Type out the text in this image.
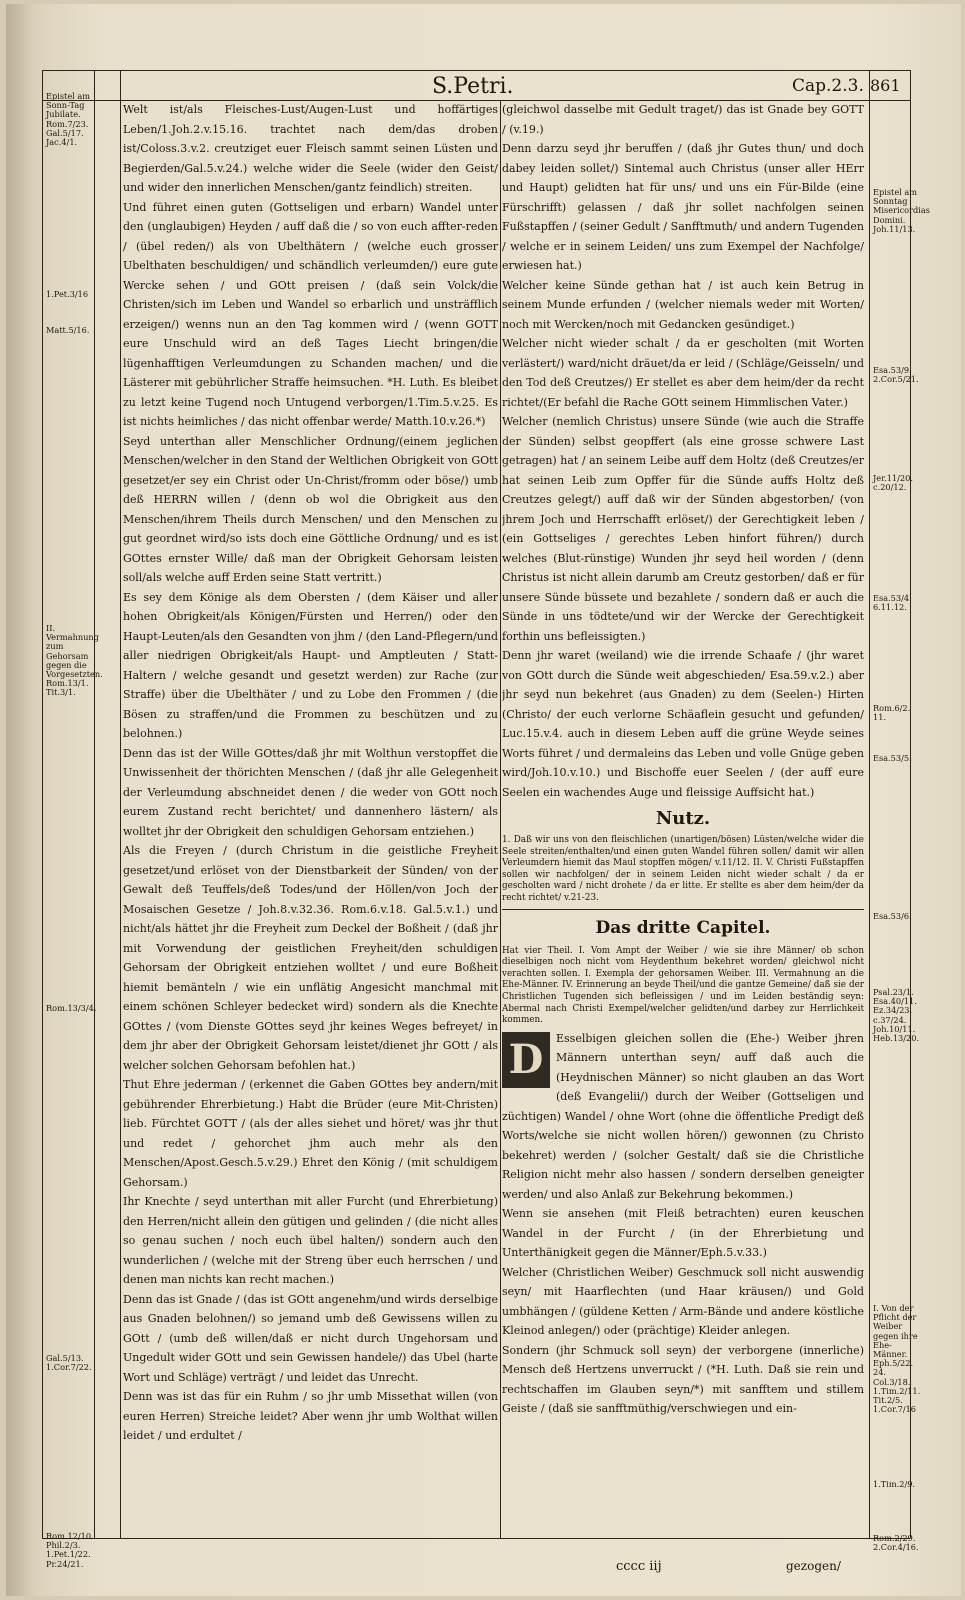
S.Petri.	Cap.2.3. 861
Epistel am Sonn-Tag Jubilate. Rom.7/23. Gal.5/17. Jac.4/1.
1.Pet.3/16
Matt.5/16.
II. Vermahnung zum Gehorsam gegen die Vorgesetzten. Rom.13/1. Tit.3/1.
Rom.13/3/4.
Gal.5/13. 1.Cor.7/22.
Rom.12/10. Phil.2/3. 1.Pet.1/22. Pr.24/21.
Epistel am Sonntag Misericordias Domini. Joh.11/13.
Esa.53/9. 2.Cor.5/21.
Jer.11/20. c.20/12.
Esa.53/4. 6.11.12.
Rom.6/2. 11.
Esa.53/5.
Esa.53/6.
Psal.23/1. Esa.40/11. Ez.34/23. c.37/24. Joh.10/11. Heb.13/20.
I. Von der Pflicht der Weiber gegen ihre Ehe-Männer. Eph.5/22. 24. Col.3/18. 1.Tim.2/11. Tit.2/5. 1.Cor.7/16
1.Tim.2/9.
Rom.2/29. 2.Cor.4/16.

Welt ist/als Fleisches-Lust/Augen-Lust und hoffärtiges Leben/1.Joh.2.v.15.16. trachtet nach dem/das droben ist/Coloss.3.v.2. creutziget euer Fleisch sammt seinen Lüsten und Begierden/Gal.5.v.24.) welche wider die Seele (wider den Geist/ und wider den innerlichen Menschen/gantz feindlich) streiten.

Und führet einen guten (Gottseligen und erbarn) Wandel unter den (unglaubigen) Heyden / auff daß die / so von euch affter-reden / (übel reden/) als von Ubelthätern / (welche euch grosser Ubelthaten beschuldigen/ und schändlich verleumden/) eure gute Wercke sehen / und GOtt preisen / (daß sein Volck/die Christen/sich im Leben und Wandel so erbarlich und unsträfflich erzeigen/) wenns nun an den Tag kommen wird / (wenn GOTT eure Unschuld wird an deß Tages Liecht bringen/die lügenhafftigen Verleumdungen zu Schanden machen/ und die Lästerer mit gebührlicher Straffe heimsuchen. *H. Luth. Es bleibet zu letzt keine Tugend noch Untugend verborgen/1.Tim.5.v.25. Es ist nichts heimliches / das nicht offenbar werde/ Matth.10.v.26.*)

Seyd unterthan aller Menschlicher Ordnung/(einem jeglichen Menschen/welcher in den Stand der Weltlichen Obrigkeit von GOtt gesetzet/er sey ein Christ oder Un-Christ/fromm oder böse/) umb deß HERRN willen / (denn ob wol die Obrigkeit aus den Menschen/ihrem Theils durch Menschen/ und den Menschen zu gut geordnet wird/so ists doch eine Göttliche Ordnung/ und es ist GOttes ernster Wille/ daß man der Obrigkeit Gehorsam leisten soll/als welche auff Erden seine Statt vertritt.)

Es sey dem Könige als dem Obersten / (dem Käiser und aller hohen Obrigkeit/als Königen/Fürsten und Herren/) oder den Haupt-Leuten/als den Gesandten von jhm / (den Land-Pflegern/und aller niedrigen Obrigkeit/als Haupt- und Amptleuten / Statt-Haltern / welche gesandt und gesetzt werden) zur Rache (zur Straffe) über die Ubelthäter / und zu Lobe den Frommen / (die Bösen zu straffen/und die Frommen zu beschützen und zu belohnen.)

Denn das ist der Wille GOttes/daß jhr mit Wolthun verstopffet die Unwissenheit der thörichten Menschen / (daß jhr alle Gelegenheit der Verleumdung abschneidet denen / die weder von GOtt noch eurem Zustand recht berichtet/ und dannenhero lästern/ als wolltet jhr der Obrigkeit den schuldigen Gehorsam entziehen.)

Als die Freyen / (durch Christum in die geistliche Freyheit gesetzet/und erlöset von der Dienstbarkeit der Sünden/ von der Gewalt deß Teuffels/deß Todes/und der Höllen/von Joch der Mosaischen Gesetze / Joh.8.v.32.36. Rom.6.v.18. Gal.5.v.1.) und nicht/als hättet jhr die Freyheit zum Deckel der Boßheit / (daß jhr mit Vorwendung der geistlichen Freyheit/den schuldigen Gehorsam der Obrigkeit entziehen wolltet / und eure Boßheit hiemit bemänteln / wie ein unflätig Angesicht manchmal mit einem schönen Schleyer bedecket wird) sondern als die Knechte GOttes / (vom Dienste GOttes seyd jhr keines Weges befreyet/ in dem jhr aber der Obrigkeit Gehorsam leistet/dienet jhr GOtt / als welcher solchen Gehorsam befohlen hat.)

Thut Ehre jederman / (erkennet die Gaben GOttes bey andern/mit gebührender Ehrerbietung.) Habt die Brüder (eure Mit-Christen) lieb. Fürchtet GOTT / (als der alles siehet und höret/ was jhr thut und redet / gehorchet jhm auch mehr als den Menschen/Apost.Gesch.5.v.29.) Ehret den König / (mit schuldigem Gehorsam.)

Ihr Knechte / seyd unterthan mit aller Furcht (und Ehrerbietung) den Herren/nicht allein den gütigen und gelinden / (die nicht alles so genau suchen / noch euch übel halten/) sondern auch den wunderlichen / (welche mit der Streng über euch herrschen / und denen man nichts kan recht machen.)

Denn das ist Gnade / (das ist GOtt angenehm/und wirds derselbige aus Gnaden belohnen/) so jemand umb deß Gewissens willen zu GOtt / (umb deß willen/daß er nicht durch Ungehorsam und Ungedult wider GOtt und sein Gewissen handele/) das Ubel (harte Wort und Schläge) verträgt / und leidet das Unrecht.

Denn was ist das für ein Ruhm / so jhr umb Missethat willen (von euren Herren) Streiche leidet? Aber wenn jhr umb Wolthat willen leidet / und erdultet /

(gleichwol dasselbe mit Gedult traget/) das ist Gnade bey GOTT / (v.19.)

Denn darzu seyd jhr beruffen / (daß jhr Gutes thun/ und doch dabey leiden sollet/) Sintemal auch Christus (unser aller HErr und Haupt) gelidten hat für uns/ und uns ein Für-Bilde (eine Fürschrifft) gelassen / daß jhr sollet nachfolgen seinen Fußstapffen / (seiner Gedult / Sanfftmuth/ und andern Tugenden / welche er in seinem Leiden/ uns zum Exempel der Nachfolge/ erwiesen hat.)

Welcher keine Sünde gethan hat / ist auch kein Betrug in seinem Munde erfunden / (welcher niemals weder mit Worten/ noch mit Wercken/noch mit Gedancken gesündiget.)

Welcher nicht wieder schalt / da er gescholten (mit Worten verlästert/) ward/nicht dräuet/da er leid / (Schläge/Geisseln/ und den Tod deß Creutzes/) Er stellet es aber dem heim/der da recht richtet/(Er befahl die Rache GOtt seinem Himmlischen Vater.)

Welcher (nemlich Christus) unsere Sünde (wie auch die Straffe der Sünden) selbst geopffert (als eine grosse schwere Last getragen) hat / an seinem Leibe auff dem Holtz (deß Creutzes/er hat seinen Leib zum Opffer für die Sünde auffs Holtz deß Creutzes gelegt/) auff daß wir der Sünden abgestorben/ (von jhrem Joch und Herrschafft erlöset/) der Gerechtigkeit leben / (ein Gottseliges / gerechtes Leben hinfort führen/) durch welches (Blut-rünstige) Wunden jhr seyd heil worden / (denn Christus ist nicht allein darumb am Creutz gestorben/ daß er für unsere Sünde büssete und bezahlete / sondern daß er auch die Sünde in uns tödtete/und wir der Wercke der Gerechtigkeit forthin uns befleissigten.)

Denn jhr waret (weiland) wie die irrende Schaafe / (jhr waret von GOtt durch die Sünde weit abgeschieden/ Esa.59.v.2.) aber jhr seyd nun bekehret (aus Gnaden) zu dem (Seelen-) Hirten (Christo/ der euch verlorne Schäaflein gesucht und gefunden/ Luc.15.v.4. auch in diesem Leben auff die grüne Weyde seines Worts führet / und dermaleins das Leben und volle Gnüge geben wird/Joh.10.v.10.) und Bischoffe euer Seelen / (der auff eure Seelen ein wachendes Auge und fleissige Auffsicht hat.)

Nutz.
1. Daß wir uns von den fleischlichen (unartigen/bösen) Lüsten/welche wider die Seele streiten/enthalten/und einen guten Wandel führen sollen/ damit wir allen Verleumdern hiemit das Maul stopffen mögen/ v.11/12. II. V. Christi Fußstapffen sollen wir nachfolgen/ der in seinem Leiden nicht wieder schalt / da er gescholten ward / nicht drohete / da er litte. Er stellte es aber dem heim/der da recht richtet/ v.21-23.
Das dritte Capitel.
Hat vier Theil. I. Vom Ampt der Weiber / wie sie ihre Männer/ ob schon dieselbigen noch nicht vom Heydenthum bekehret worden/ gleichwol nicht verachten sollen. I. Exempla der gehorsamen Weiber. III. Vermahnung an die Ehe-Männer. IV. Erinnerung an beyde Theil/und die gantze Gemeine/ daß sie der Christlichen Tugenden sich befleissigen / und im Leiden beständig seyn: Abermal nach Christi Exempel/welcher gelidten/und darbey zur Herrlichkeit kommen.

D	Esselbigen gleichen sollen die (Ehe-) Weiber jhren Männern unterthan seyn/ auff daß auch die (Heydnischen Männer) so nicht glauben an das Wort (deß Evangelii/) durch der Weiber (Gottseligen und züchtigen) Wandel / ohne Wort (ohne die öffentliche Predigt deß Worts/welche sie nicht wollen hören/) gewonnen (zu Christo bekehret) werden / (solcher Gestalt/ daß sie die Christliche Religion nicht mehr also hassen / sondern derselben geneigter werden/ und also Anlaß zur Bekehrung bekommen.)

Wenn sie ansehen (mit Fleiß betrachten) euren keuschen Wandel in der Furcht / (in der Ehrerbietung und Unterthänigkeit gegen die Männer/Eph.5.v.33.)

Welcher (Christlichen Weiber) Geschmuck soll nicht auswendig seyn/ mit Haarflechten (und Haar kräusen/) und Gold umbhängen / (güldene Ketten / Arm-Bände und andere köstliche Kleinod anlegen/) oder (prächtige) Kleider anlegen.

Sondern (jhr Schmuck soll seyn) der verborgene (innerliche) Mensch deß Hertzens unverruckt / (*H. Luth. Daß sie rein und rechtschaffen im Glauben seyn/*) mit sanfftem und stillem Geiste / (daß sie sanfftmüthig/verschwiegen und ein-

cccc iij	gezogen/
